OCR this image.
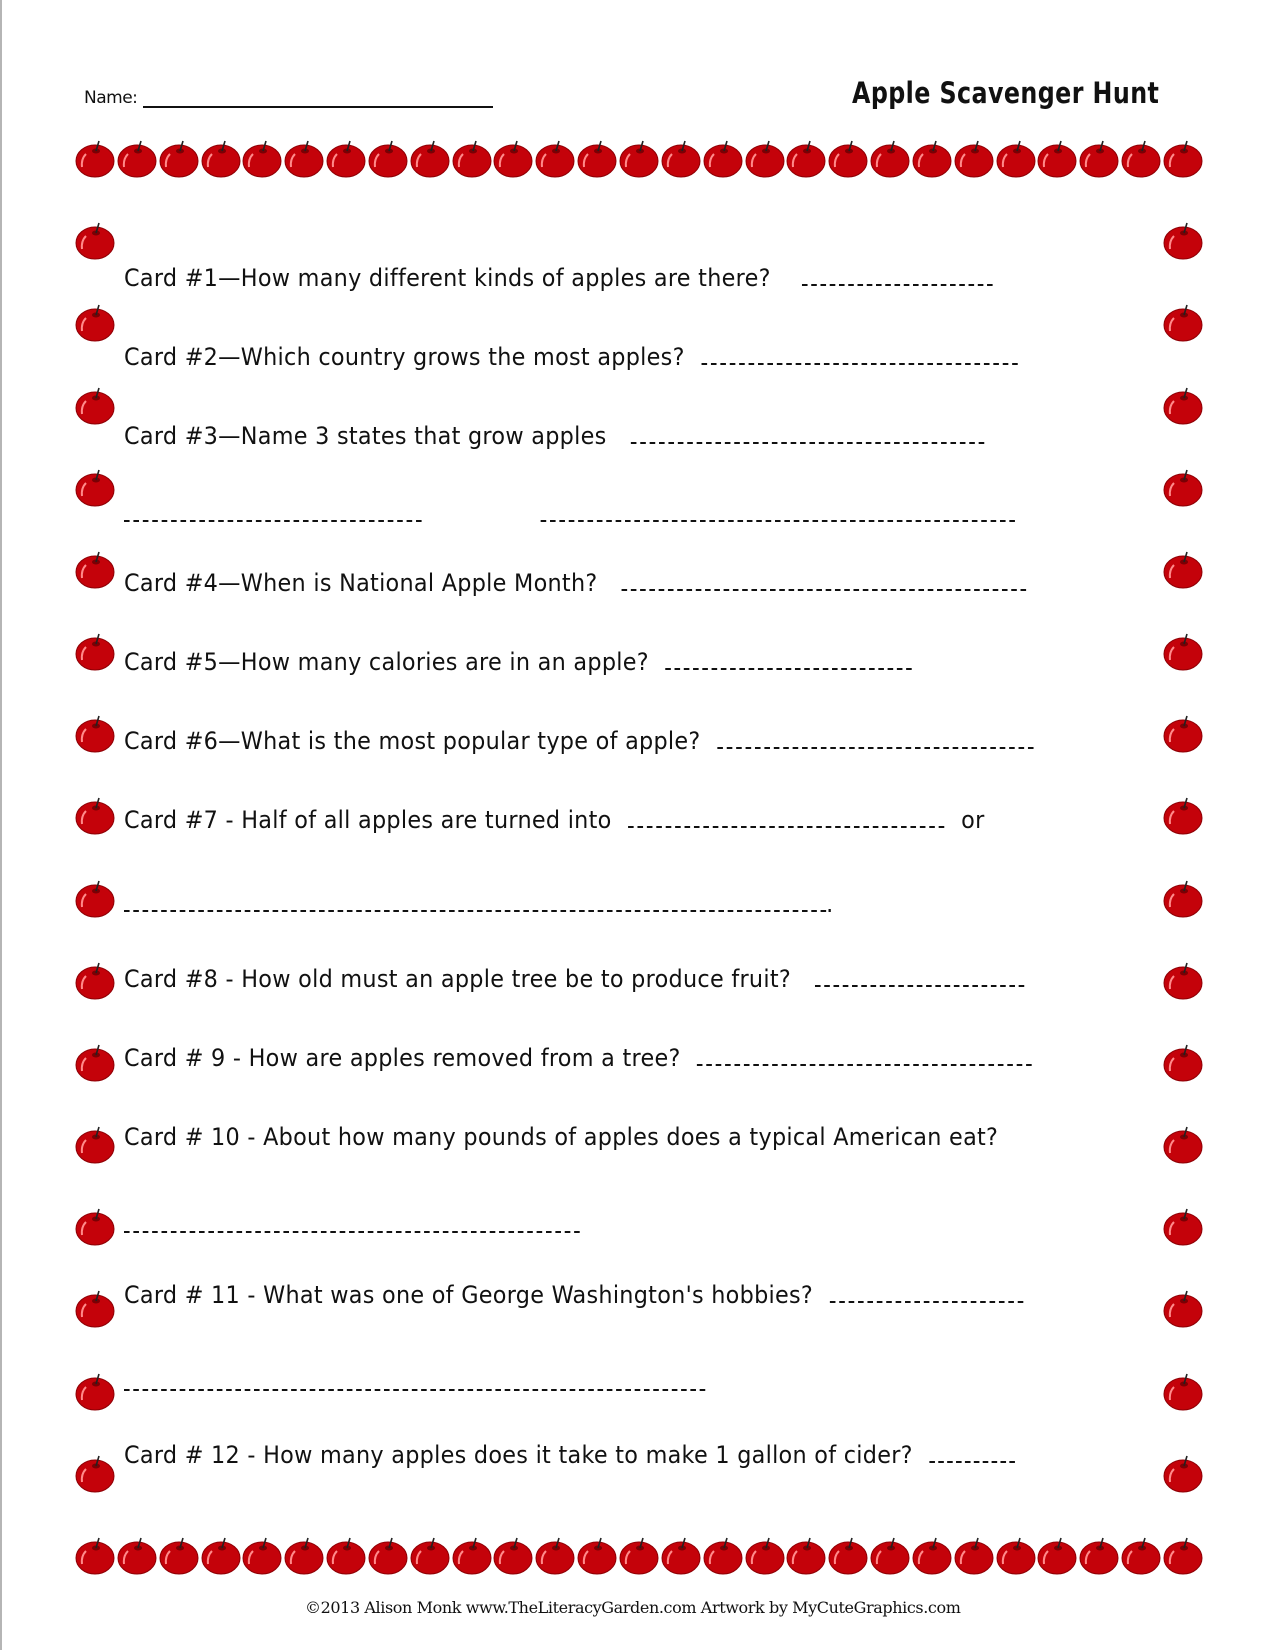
Name:	Apple Scavenger Hunt
Card #1—How many different kinds of apples are there?
Card #2—Which country grows the most apples?
Card #3—Name 3 states that grow apples

Card #4—When is National Apple Month?
Card #5—How many calories are in an apple?
Card #6—What is the most popular type of apple?
Card #7 - Half of all apples are turned into	or
.
Card #8 - How old must an apple tree be to produce fruit?
Card # 9 - How are apples removed from a tree?
Card # 10 - About how many pounds of apples does a typical American eat?
Card # 11 - What was one of George Washington's hobbies?
Card # 12 - How many apples does it take to make 1 gallon of cider?
©2013 Alison Monk www.TheLiteracyGarden.com Artwork by MyCuteGraphics.com
